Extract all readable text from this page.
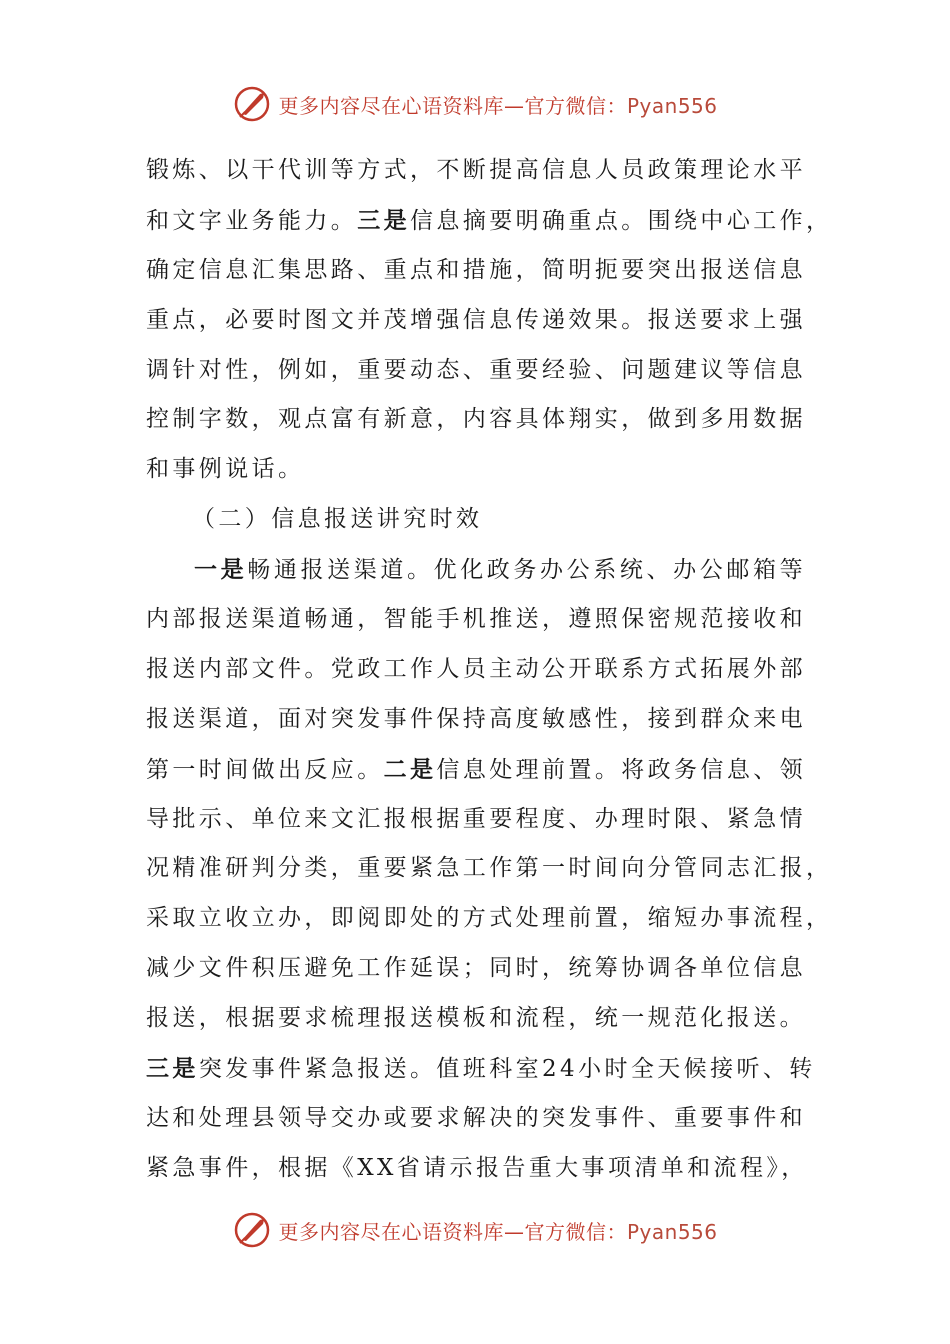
更多内容尽在心语资料库—官方微信：Pyan556
锻炼、以干代训等方式，不断提高信息人员政策理论水平
和文字业务能力。三是信息摘要明确重点。围绕中心工作，
确定信息汇集思路、重点和措施，简明扼要突出报送信息
重点，必要时图文并茂增强信息传递效果。报送要求上强
调针对性，例如，重要动态、重要经验、问题建议等信息
控制字数，观点富有新意，内容具体翔实，做到多用数据
和事例说话。
（二）信息报送讲究时效
一是畅通报送渠道。优化政务办公系统、办公邮箱等
内部报送渠道畅通，智能手机推送，遵照保密规范接收和
报送内部文件。党政工作人员主动公开联系方式拓展外部
报送渠道，面对突发事件保持高度敏感性，接到群众来电
第一时间做出反应。二是信息处理前置。将政务信息、领
导批示、单位来文汇报根据重要程度、办理时限、紧急情
况精准研判分类，重要紧急工作第一时间向分管同志汇报，
采取立收立办，即阅即处的方式处理前置，缩短办事流程，
减少文件积压避免工作延误；同时，统筹协调各单位信息
报送，根据要求梳理报送模板和流程，统一规范化报送。
三是突发事件紧急报送。值班科室24小时全天候接听、转
达和处理县领导交办或要求解决的突发事件、重要事件和
紧急事件，根据《XX省请示报告重大事项清单和流程》，
更多内容尽在心语资料库—官方微信：Pyan556
